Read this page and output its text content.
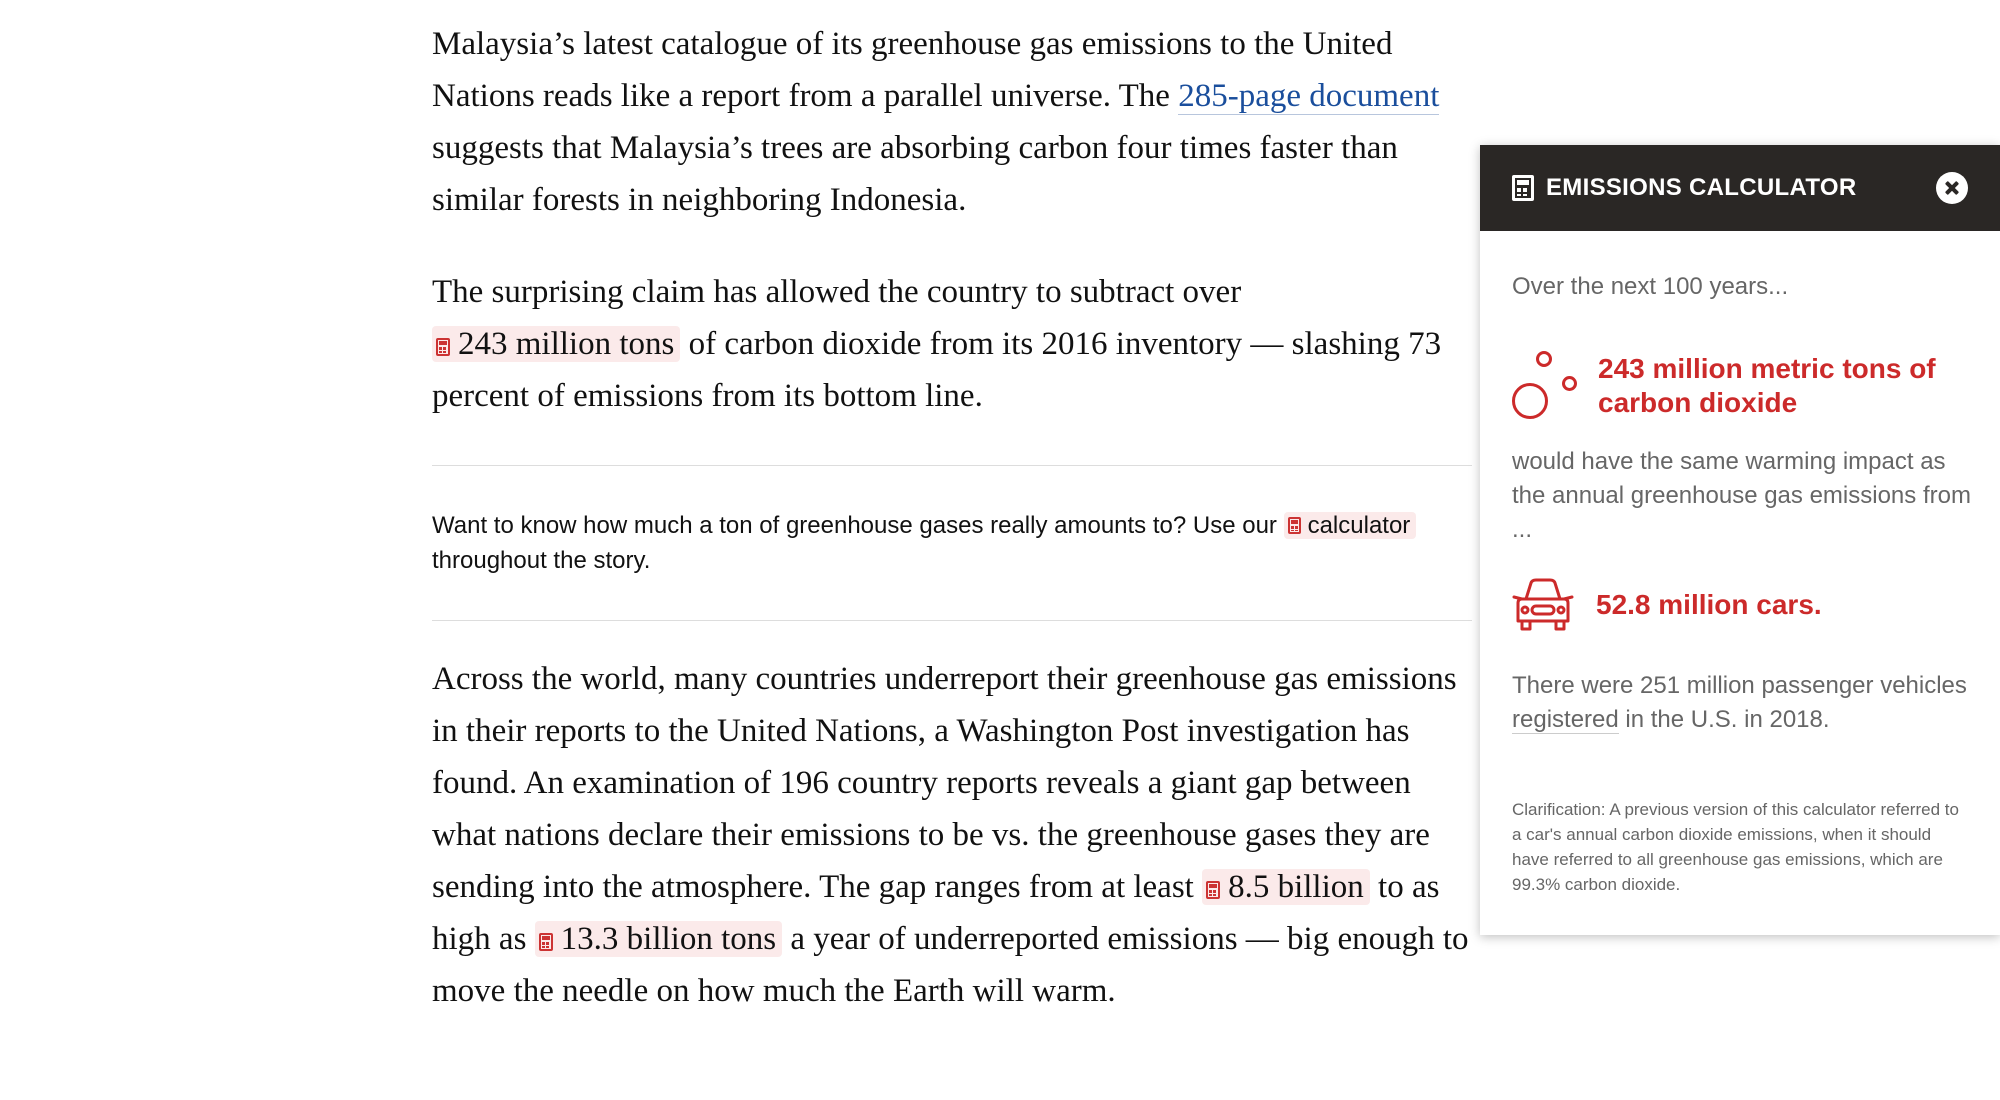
Malaysia’s latest catalogue of its greenhouse gas emissions to the United Nations reads like a report from a parallel universe. The 285-page document suggests that Malaysia’s trees are absorbing carbon four times faster than similar forests in neighboring Indonesia.

The surprising claim has allowed the country to subtract over 243 million tons of carbon dioxide from its 2016 inventory — slashing 73 percent of emissions from its bottom line.

Want to know how much a ton of greenhouse gases really amounts to? Use our calculator
throughout the story.

Across the world, many countries underreport their greenhouse gas emissions in their reports to the United Nations, a Washington Post investigation has found. An examination of 196 country reports reveals a giant gap between what nations declare their emissions to be vs. the greenhouse gases they are sending into the atmosphere. The gap ranges from at least 8.5 billion to as high as 13.3 billion tons a year of underreported emissions — big enough to move the needle on how much the Earth will warm.

EMISSIONS CALCULATOR

Over the next 100 years...

243 million metric tons of carbon dioxide

would have the same warming impact as the annual greenhouse gas emissions from ...

52.8 million cars.

There were 251 million passenger vehicles registered in the U.S. in 2018.

Clarification: A previous version of this calculator referred to a car's annual carbon dioxide emissions, when it should have referred to all greenhouse gas emissions, which are 99.3% carbon dioxide.
